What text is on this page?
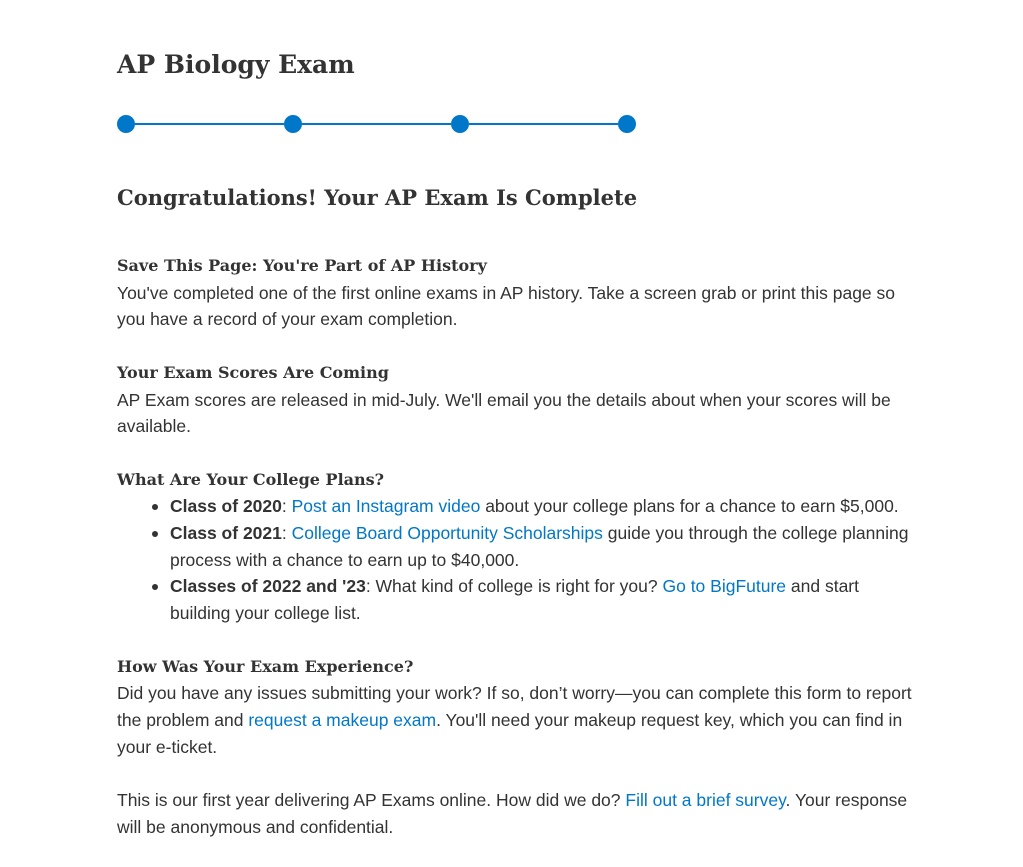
AP Biology Exam
Congratulations! Your AP Exam Is Complete
Save This Page: You're Part of AP History

You've completed one of the first online exams in AP history. Take a screen grab or print this page so you have a record of your exam completion.

Your Exam Scores Are Coming

AP Exam scores are released in mid-July. We'll email you the details about when your scores will be available.

What Are Your College Plans?
Class of 2020: Post an Instagram video about your college plans for a chance to earn $5,000.
Class of 2021: College Board Opportunity Scholarships guide you through the college planning process with a chance to earn up to $40,000.
Classes of 2022 and '23: What kind of college is right for you? Go to BigFuture and start building your college list.
How Was Your Exam Experience?

Did you have any issues submitting your work? If so, don’t worry—you can complete this form to report the problem and request a makeup exam. You'll need your makeup request key, which you can find in your e-ticket.

This is our first year delivering AP Exams online. How did we do? Fill out a brief survey. Your response will be anonymous and confidential.
